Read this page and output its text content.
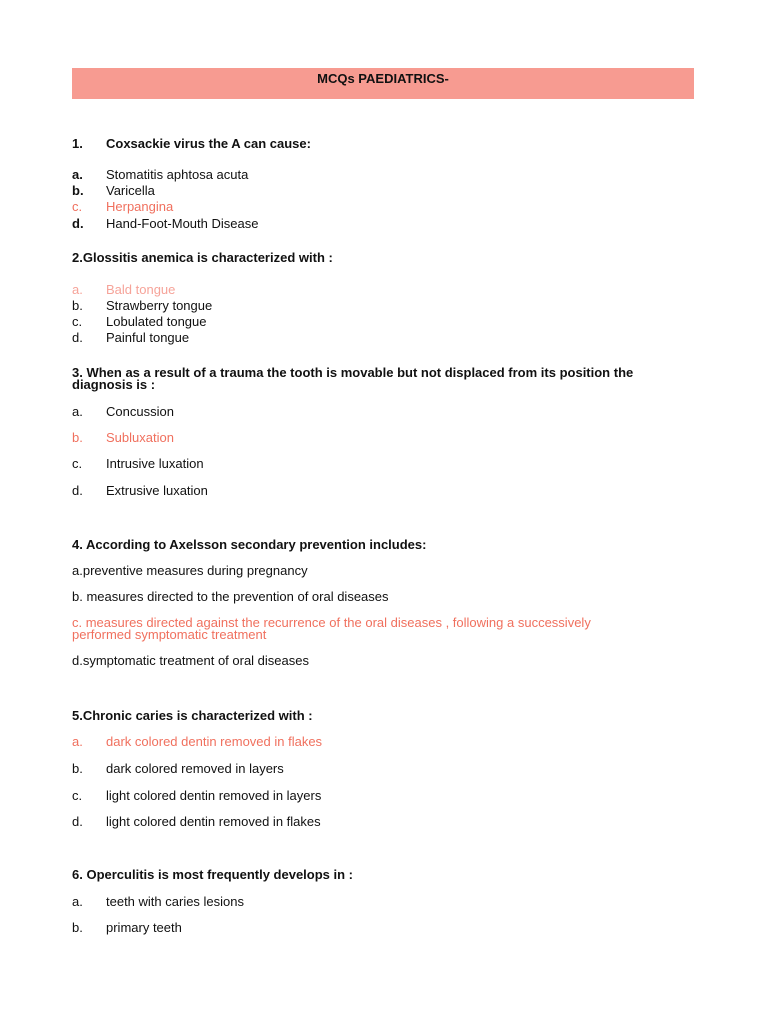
MCQs PAEDIATRICS-
1. Coxsackie virus the A can cause:
a.	Stomatitis aphtosa acuta
b.	Varicella
c.	Herpangina
d.	Hand-Foot-Mouth Disease
2.Glossitis anemica is characterized with :
a.	Bald tongue
b.	Strawberry tongue
c.	Lobulated tongue
d.	Painful tongue
3. When as a result of a trauma the tooth is movable but not displaced from its position the
diagnosis is :
a.	Concussion
b.	Subluxation
c.	Intrusive luxation
d.	Extrusive luxation
4. According to Axelsson secondary prevention includes:
a.preventive measures during pregnancy
b. measures directed to the prevention of oral diseases
c. measures directed against the recurrence of the oral diseases , following a successively
performed symptomatic treatment
d.symptomatic treatment of oral diseases
5.Chronic caries is characterized with :
a.	dark colored dentin removed in flakes
b.	dark colored removed in layers
c.	light colored dentin removed in layers
d.	light colored dentin removed in flakes
6. Operculitis is most frequently develops in :
a.	teeth with caries lesions
b.	primary teeth
